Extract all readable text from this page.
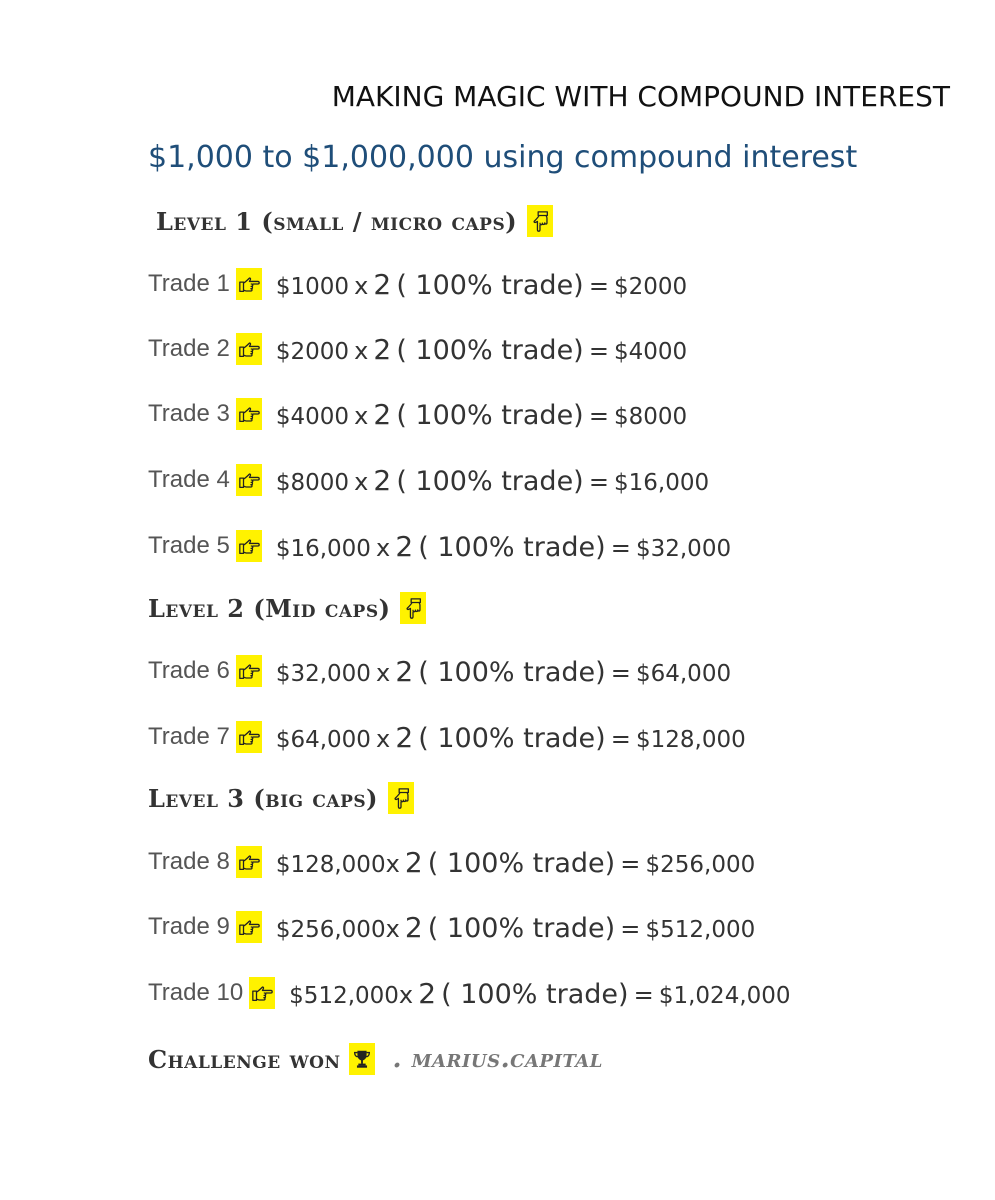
MAKING MAGIC WITH COMPOUND INTEREST
$1,000 to $1,000,000 using compound interest
Level 1 (small / micro caps)
Trade 1 $1000 x 2 ( 100% trade) = $2000
Trade 2 $2000 x 2 ( 100% trade) = $4000
Trade 3 $4000 x 2 ( 100% trade) = $8000
Trade 4 $8000 x 2 ( 100% trade) = $16,000
Trade 5 $16,000 x 2 ( 100% trade) = $32,000
Level 2 (Mid caps)
Trade 6 $32,000 x 2 ( 100% trade) = $64,000
Trade 7 $64,000 x 2 ( 100% trade) = $128,000
Level 3 (big caps)
Trade 8 $128,000x 2 ( 100% trade) = $256,000
Trade 9 $256,000x 2 ( 100% trade) = $512,000
Trade 10 $512,000x 2 ( 100% trade) = $1,024,000
Challenge won . marius.capital
